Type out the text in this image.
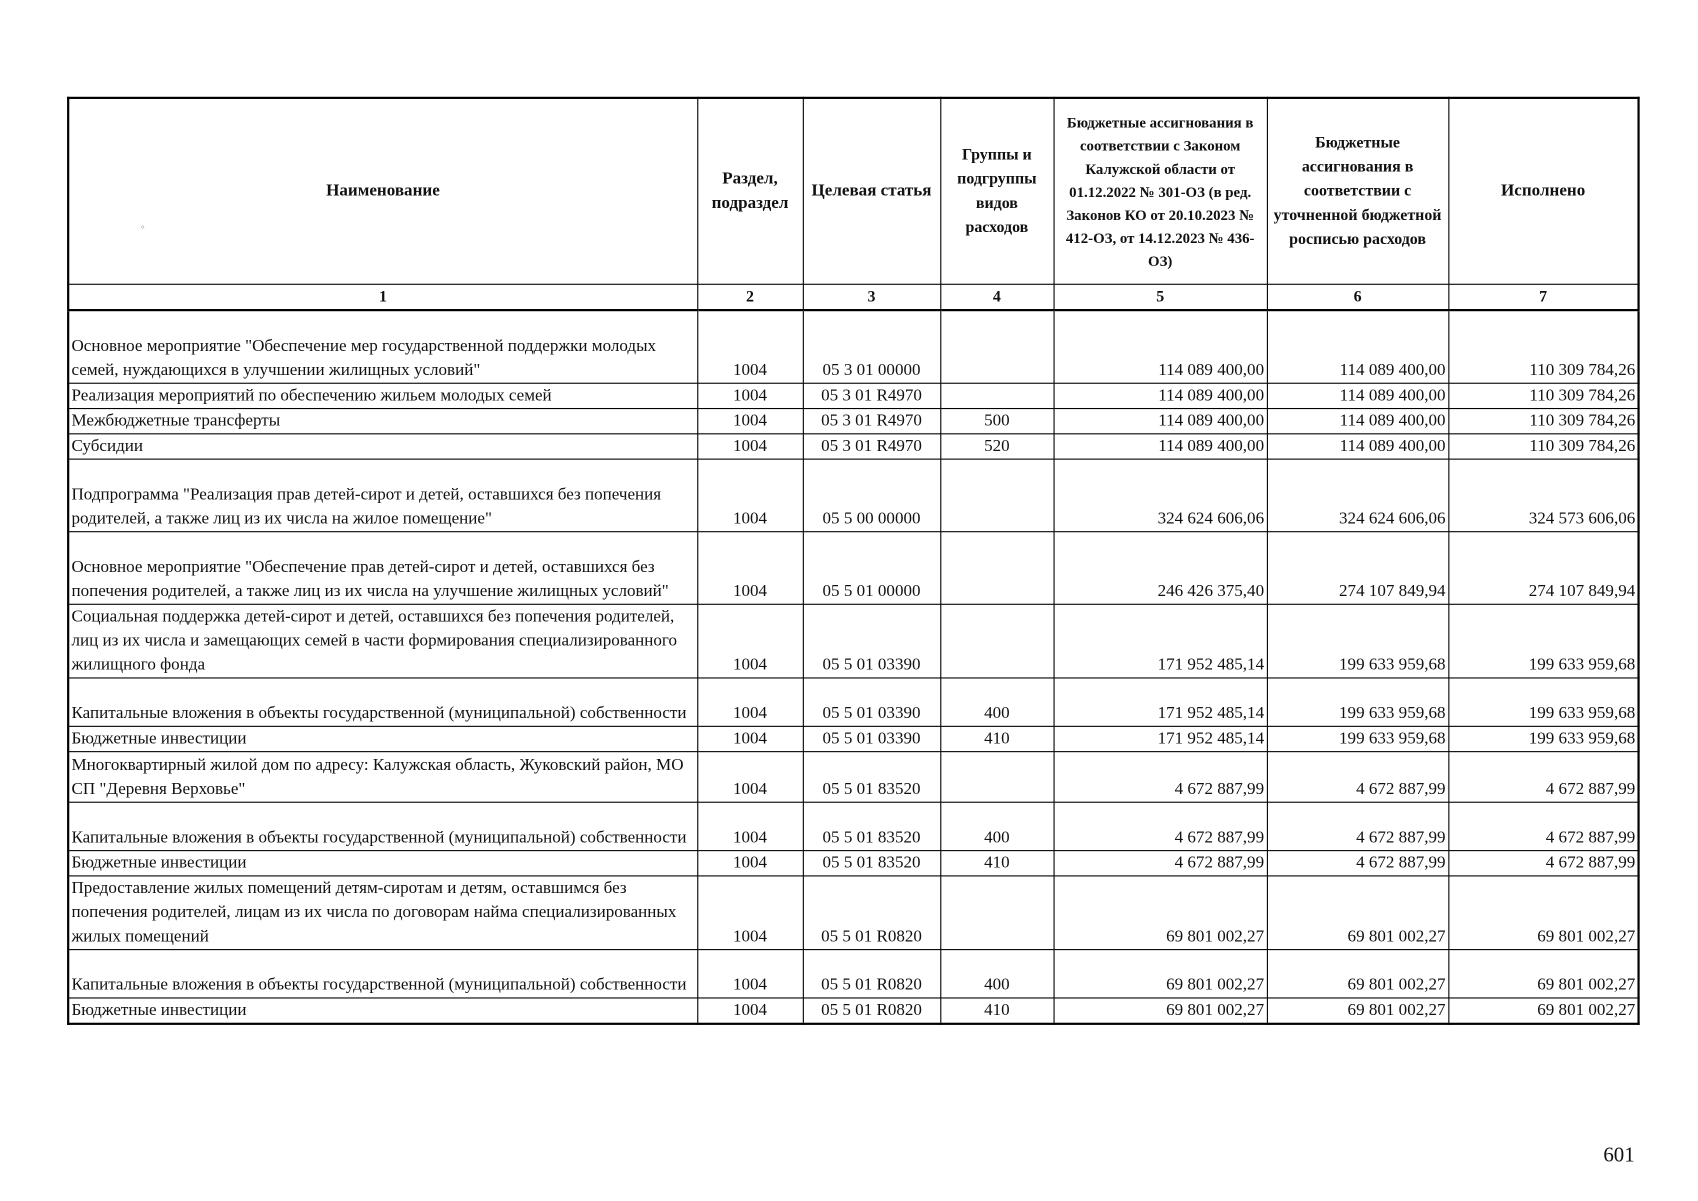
°
Наименование	Раздел, подраздел	Целевая статья	Группы и подгруппы видов расходов	Бюджетные ассигнования в соответствии с Законом Калужской области от 01.12.2022 № 301-ОЗ (в ред. Законов КО от 20.10.2023 № 412-ОЗ, от 14.12.2023 № 436-ОЗ)	Бюджетные ассигнования в соответствии с уточненной бюджетной росписью расходов	Исполнено
1	2	3	4	5	6	7
Основное мероприятие "Обеспечение мер государственной поддержки молодых семей, нуждающихся в улучшении жилищных условий"	1004	05 3 01 00000		114 089 400,00	114 089 400,00	110 309 784,26
Реализация мероприятий по обеспечению жильем молодых семей	1004	05 3 01 R4970		114 089 400,00	114 089 400,00	110 309 784,26
Межбюджетные трансферты	1004	05 3 01 R4970	500	114 089 400,00	114 089 400,00	110 309 784,26
Субсидии	1004	05 3 01 R4970	520	114 089 400,00	114 089 400,00	110 309 784,26
Подпрограмма "Реализация прав детей-сирот и детей, оставшихся без попечения родителей, а также лиц из их числа на жилое помещение"	1004	05 5 00 00000		324 624 606,06	324 624 606,06	324 573 606,06
Основное мероприятие "Обеспечение прав детей-сирот и детей, оставшихся без попечения родителей, а также лиц из их числа на улучшение жилищных условий"	1004	05 5 01 00000		246 426 375,40	274 107 849,94	274 107 849,94
Социальная поддержка детей-сирот и детей, оставшихся без попечения родителей, лиц из их числа и замещающих семей в части формирования специализированного жилищного фонда	1004	05 5 01 03390		171 952 485,14	199 633 959,68	199 633 959,68
Капитальные вложения в объекты государственной (муниципальной) собственности	1004	05 5 01 03390	400	171 952 485,14	199 633 959,68	199 633 959,68
Бюджетные инвестиции	1004	05 5 01 03390	410	171 952 485,14	199 633 959,68	199 633 959,68
Многоквартирный жилой дом по адресу: Калужская область, Жуковский район, МО СП "Деревня Верховье"	1004	05 5 01 83520		4 672 887,99	4 672 887,99	4 672 887,99
Капитальные вложения в объекты государственной (муниципальной) собственности	1004	05 5 01 83520	400	4 672 887,99	4 672 887,99	4 672 887,99
Бюджетные инвестиции	1004	05 5 01 83520	410	4 672 887,99	4 672 887,99	4 672 887,99
Предоставление жилых помещений детям-сиротам и детям, оставшимся без попечения родителей, лицам из их числа по договорам найма специализированных жилых помещений	1004	05 5 01 R0820		69 801 002,27	69 801 002,27	69 801 002,27
Капитальные вложения в объекты государственной (муниципальной) собственности	1004	05 5 01 R0820	400	69 801 002,27	69 801 002,27	69 801 002,27
Бюджетные инвестиции	1004	05 5 01 R0820	410	69 801 002,27	69 801 002,27	69 801 002,27
601
